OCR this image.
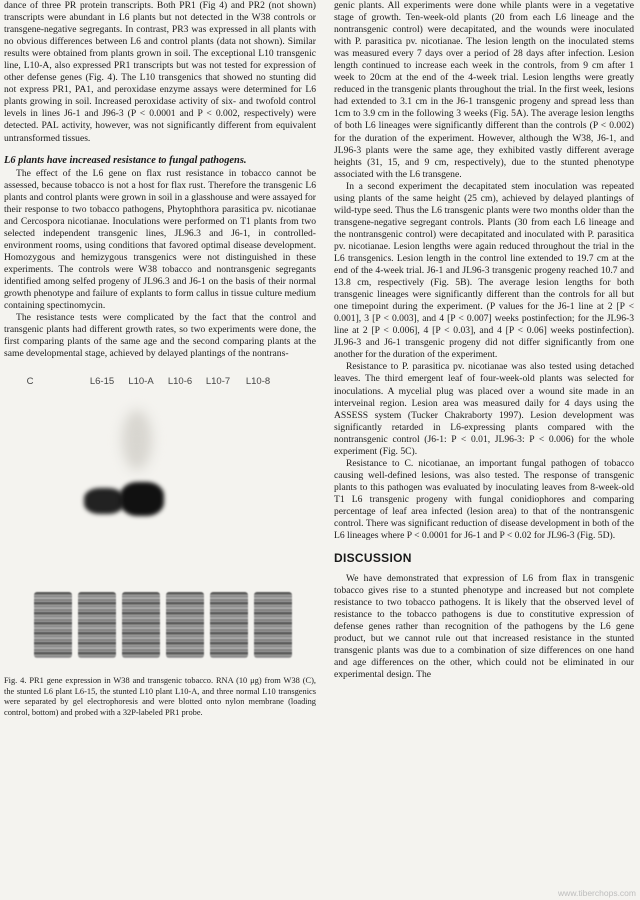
dance of three PR protein transcripts. Both PR1 (Fig 4) and PR2 (not shown) transcripts were abundant in L6 plants but not detected in the W38 controls or transgene-negative segregants. In contrast, PR3 was expressed in all plants with no obvious differences between L6 and control plants (data not shown). Similar results were obtained from plants grown in soil. The exceptional L10 transgenic line, L10-A, also expressed PR1 transcripts but was not tested for expression of other defense genes (Fig. 4). The L10 transgenics that showed no stunting did not express PR1, PA1, and peroxidase enzyme assays were determined for L6 plants growing in soil. Increased peroxidase activity of six- and twofold control levels in lines J6-1 and J96-3 (P < 0.0001 and P < 0.002, respectively) were detected. PAL activity, however, was not significantly different from equivalent untransformed tissues.

L6 plants have increased resistance to fungal pathogens.

The effect of the L6 gene on flax rust resistance in tobacco cannot be assessed, because tobacco is not a host for flax rust. Therefore the transgenic L6 plants and control plants were grown in soil in a glasshouse and were assayed for their response to two tobacco pathogens, Phytophthora parasitica pv. nicotianae and Cercospora nicotianae. Inoculations were performed on T1 plants from two selected independent transgenic lines, JL96.3 and J6-1, in controlled-environment rooms, using conditions that favored optimal disease development. Homozygous and hemizygous transgenics were not distinguished in these experiments. The controls were W38 tobacco and nontransgenic segregants identified among selfed progeny of JL96.3 and J6-1 on the basis of their normal growth phenotype and failure of explants to form callus in tissue culture medium containing spectinomycin.

The resistance tests were complicated by the fact that the control and transgenic plants had different growth rates, so two experiments were done, the first comparing plants of the same age and the second comparing plants at the same developmental stage, achieved by delayed plantings of the nontrans-

C	L6-15 L10-A L10-6 L10-7 L10-8

Fig. 4. PR1 gene expression in W38 and transgenic tobacco. RNA (10 μg) from W38 (C), the stunted L6 plant L6-15, the stunted L10 plant L10-A, and three normal L10 transgenics were separated by gel electrophoresis and were blotted onto nylon membrane (loading control, bottom) and probed with a 32P-labeled PR1 probe.

genic plants. All experiments were done while plants were in a vegetative stage of growth. Ten-week-old plants (20 from each L6 lineage and the nontransgenic control) were decapitated, and the wounds were inoculated with P. parasitica pv. nicotianae. The lesion length on the inoculated stems was measured every 7 days over a period of 28 days after infection. Lesion length continued to increase each week in the controls, from 9 cm after 1 week to 20cm at the end of the 4-week trial. Lesion lengths were greatly reduced in the transgenic plants throughout the trial. In the first week, lesions had extended to 3.1 cm in the J6-1 transgenic progeny and spread less than 1cm to 3.9 cm in the following 3 weeks (Fig. 5A). The average lesion lengths of both L6 lineages were significantly different than the controls (P < 0.002) for the duration of the experiment. However, although the W38, J6-1, and JL96-3 plants were the same age, they exhibited vastly different average heights (31, 15, and 9 cm, respectively), due to the stunted phenotype associated with the L6 transgene.

In a second experiment the decapitated stem inoculation was repeated using plants of the same height (25 cm), achieved by delayed plantings of wild-type seed. Thus the L6 transgenic plants were two months older than the transgene-negative segregant controls. Plants (30 from each L6 lineage and the nontransgenic control) were decapitated and inoculated with P. parasitica pv. nicotianae. Lesion lengths were again reduced throughout the trial in the L6 transgenics. Lesion length in the control line extended to 19.7 cm at the end of the 4-week trial. J6-1 and JL96-3 transgenic progeny reached 10.7 and 13.8 cm, respectively (Fig. 5B). The average lesion lengths for both transgenic lineages were significantly different than the controls for all but one timepoint during the experiment. (P values for the J6-1 line at 2 [P < 0.001], 3 [P < 0.003], and 4 [P < 0.007] weeks postinfection; for the JL96-3 line at 2 [P < 0.006], 4 [P < 0.03], and 4 [P < 0.06] weeks postinfection). JL96-3 and J6-1 transgenic progeny did not differ significantly from one another for the duration of the experiment.

Resistance to P. parasitica pv. nicotianae was also tested using detached leaves. The third emergent leaf of four-week-old plants was selected for inoculations. A mycelial plug was placed over a wound site made in an interveinal region. Lesion area was measured daily for 4 days using the ASSESS system (Tucker Chakraborty 1997). Lesion development was significantly retarded in L6-expressing plants compared with the nontransgenic control (J6-1: P < 0.01, JL96-3: P < 0.006) for the whole experiment (Fig. 5C).

Resistance to C. nicotianae, an important fungal pathogen of tobacco causing well-defined lesions, was also tested. The response of transgenic plants to this pathogen was evaluated by inoculating leaves from 8-week-old T1 L6 transgenic progeny with fungal conidiophores and comparing percentage of leaf area infected (lesion area) to that of the nontransgenic control. There was significant reduction of disease development in both of the L6 lineages where P < 0.0001 for J6-1 and P < 0.02 for JL96-3 (Fig. 5D).

DISCUSSION

We have demonstrated that expression of L6 from flax in transgenic tobacco gives rise to a stunted phenotype and increased but not complete resistance to two tobacco pathogens. It is likely that the observed level of resistance to the tobacco pathogens is due to constitutive expression of defense genes rather than recognition of the pathogens by the L6 gene product, but we cannot rule out that increased resistance in the stunted transgenic plants was due to a combination of size differences on one hand and age differences on the other, which could not be eliminated in our experimental design. The

www.tiberchops.com
